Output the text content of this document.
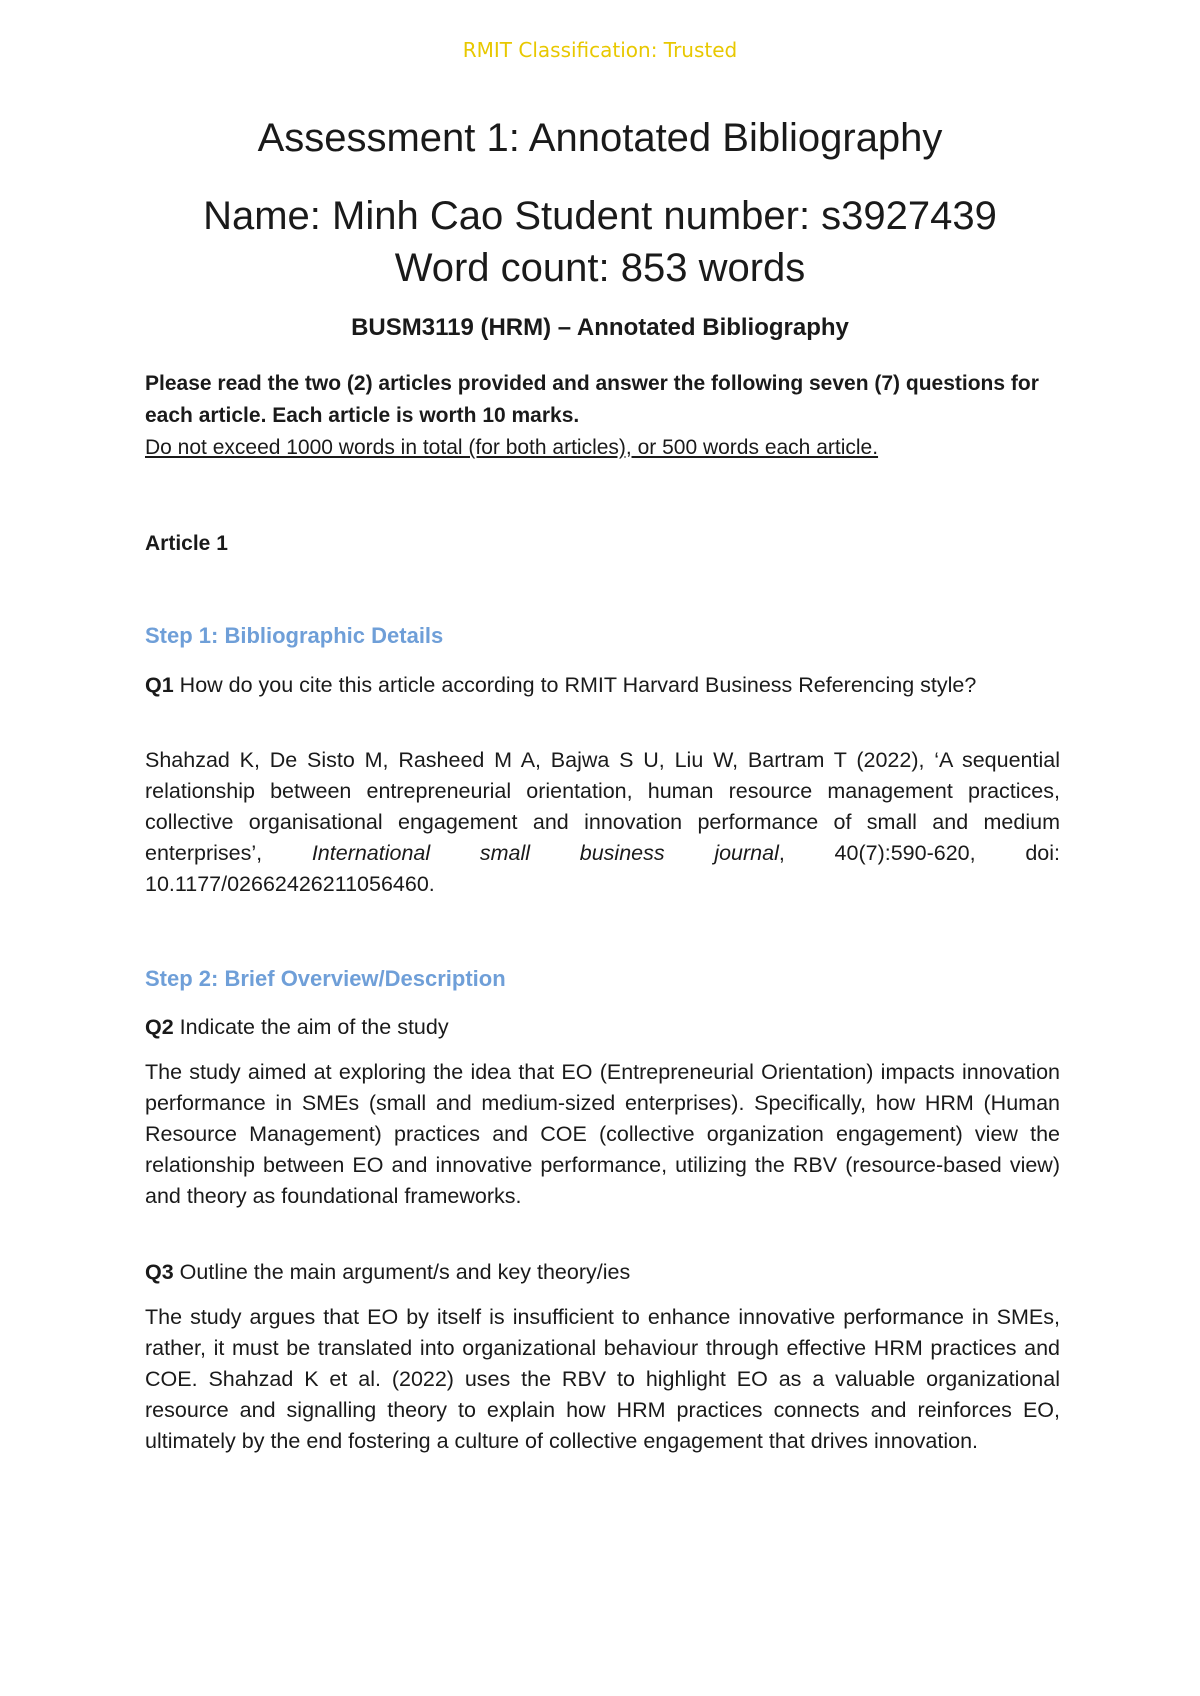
RMIT Classification: Trusted
Assessment 1: Annotated Bibliography
Name: Minh Cao Student number: s3927439
Word count: 853 words
BUSM3119 (HRM) – Annotated Bibliography
Please read the two (2) articles provided and answer the following seven (7) questions for each article. Each article is worth 10 marks.
Do not exceed 1000 words in total (for both articles), or 500 words each article.
Article 1
Step 1: Bibliographic Details
Q1 How do you cite this article according to RMIT Harvard Business Referencing style?
Shahzad K, De Sisto M, Rasheed M A, Bajwa S U, Liu W, Bartram T (2022), ‘A sequential relationship between entrepreneurial orientation, human resource management practices, collective organisational engagement and innovation performance of small and medium enterprises’, International small business journal, 40(7):590-620, doi: 10.1177/02662426211056460.
Step 2: Brief Overview/Description
Q2 Indicate the aim of the study
The study aimed at exploring the idea that EO (Entrepreneurial Orientation) impacts innovation performance in SMEs (small and medium-sized enterprises). Specifically, how HRM (Human Resource Management) practices and COE (collective organization engagement) view the relationship between EO and innovative performance, utilizing the RBV (resource-based view) and theory as foundational frameworks.
Q3 Outline the main argument/s and key theory/ies
The study argues that EO by itself is insufficient to enhance innovative performance in SMEs, rather, it must be translated into organizational behaviour through effective HRM practices and COE. Shahzad K et al. (2022) uses the RBV to highlight EO as a valuable organizational resource and signalling theory to explain how HRM practices connects and reinforces EO, ultimately by the end fostering a culture of collective engagement that drives innovation.
